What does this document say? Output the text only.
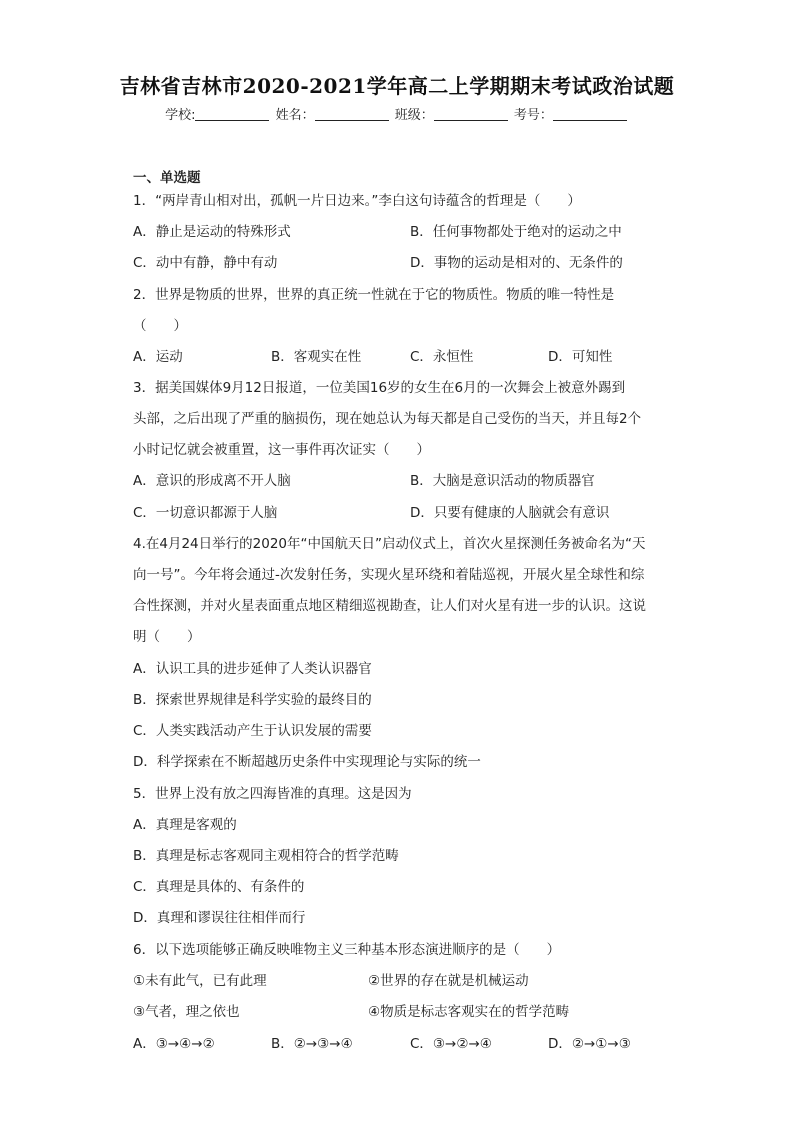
吉林省吉林市2020-2021学年高二上学期期末考试政治试题
学校:	姓名：	班级：	考号：
一、单选题
1．“两岸青山相对出，孤帆一片日边来。”李白这句诗蕴含的哲理是（　　）
A．静止是运动的特殊形式	B．任何事物都处于绝对的运动之中
C．动中有静，静中有动	D．事物的运动是相对的、无条件的
2．世界是物质的世界，世界的真正统一性就在于它的物质性。物质的唯一特性是
（　　）
A．运动	B．客观实在性	C．永恒性	D．可知性
3．据美国媒体9月12日报道，一位美国16岁的女生在6月的一次舞会上被意外踢到
头部，之后出现了严重的脑损伤，现在她总认为每天都是自己受伤的当天，并且每2个
小时记忆就会被重置，这一事件再次证实（　　）
A．意识的形成离不开人脑	B．大脑是意识活动的物质器官
C．一切意识都源于人脑	D．只要有健康的人脑就会有意识
4.在4月24日举行的2020年“中国航天日”启动仪式上，首次火星探测任务被命名为“天
向一号”。今年将会通过-次发射任务，实现火星环绕和着陆巡视，开展火星全球性和综
合性探测，并对火星表面重点地区精细巡视勘查，让人们对火星有进一步的认识。这说
明（　　）
A．认识工具的进步延伸了人类认识器官
B．探索世界规律是科学实验的最终目的
C．人类实践活动产生于认识发展的需要
D．科学探索在不断超越历史条件中实现理论与实际的统一
5．世界上没有放之四海皆准的真理。这是因为
A．真理是客观的
B．真理是标志客观同主观相符合的哲学范畴
C．真理是具体的、有条件的
D．真理和谬误往往相伴而行
6．以下选项能够正确反映唯物主义三种基本形态演进顺序的是（　　）
①未有此气，已有此理	②世界的存在就是机械运动
③气者，理之依也	④物质是标志客观实在的哲学范畴
A．③→④→②	B．②→③→④	C．③→②→④	D．②→①→③
